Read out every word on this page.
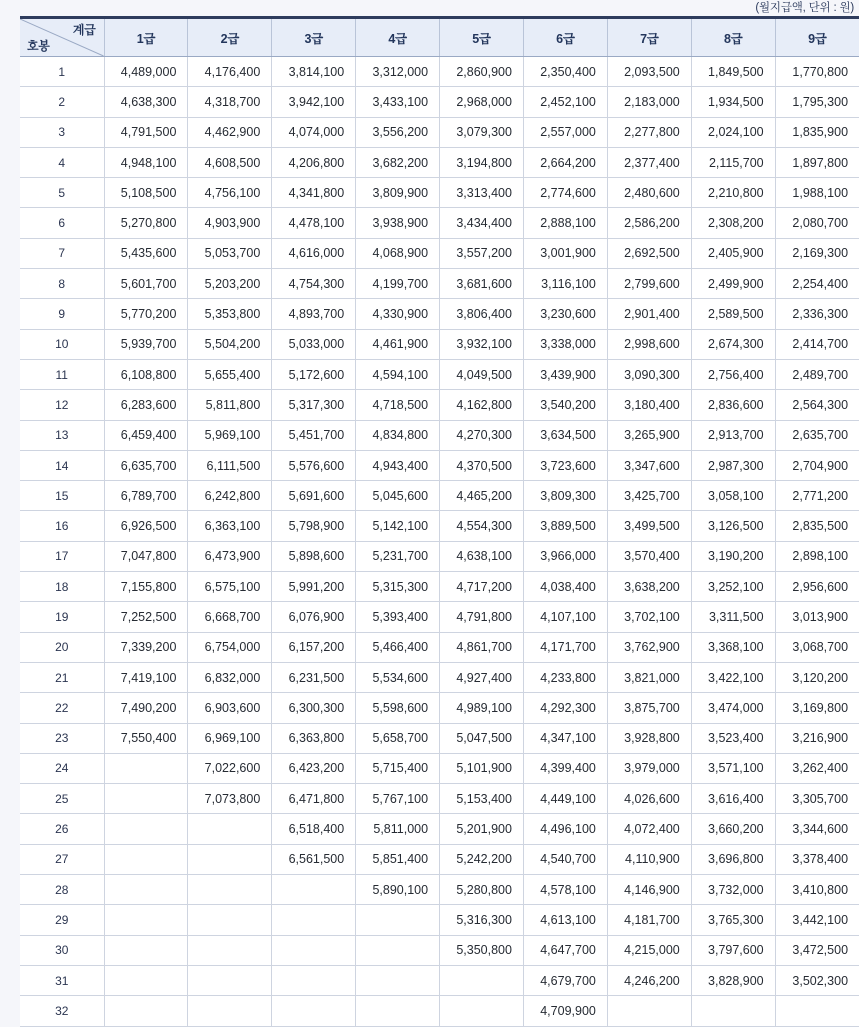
(월지급액, 단위 : 원)
계급
호봉	1급	2급	3급	4급	5급	6급	7급	8급	9급
1	4,489,000	4,176,400	3,814,100	3,312,000	2,860,900	2,350,400	2,093,500	1,849,500	1,770,800
2	4,638,300	4,318,700	3,942,100	3,433,100	2,968,000	2,452,100	2,183,000	1,934,500	1,795,300
3	4,791,500	4,462,900	4,074,000	3,556,200	3,079,300	2,557,000	2,277,800	2,024,100	1,835,900
4	4,948,100	4,608,500	4,206,800	3,682,200	3,194,800	2,664,200	2,377,400	2,115,700	1,897,800
5	5,108,500	4,756,100	4,341,800	3,809,900	3,313,400	2,774,600	2,480,600	2,210,800	1,988,100
6	5,270,800	4,903,900	4,478,100	3,938,900	3,434,400	2,888,100	2,586,200	2,308,200	2,080,700
7	5,435,600	5,053,700	4,616,000	4,068,900	3,557,200	3,001,900	2,692,500	2,405,900	2,169,300
8	5,601,700	5,203,200	4,754,300	4,199,700	3,681,600	3,116,100	2,799,600	2,499,900	2,254,400
9	5,770,200	5,353,800	4,893,700	4,330,900	3,806,400	3,230,600	2,901,400	2,589,500	2,336,300
10	5,939,700	5,504,200	5,033,000	4,461,900	3,932,100	3,338,000	2,998,600	2,674,300	2,414,700
11	6,108,800	5,655,400	5,172,600	4,594,100	4,049,500	3,439,900	3,090,300	2,756,400	2,489,700
12	6,283,600	5,811,800	5,317,300	4,718,500	4,162,800	3,540,200	3,180,400	2,836,600	2,564,300
13	6,459,400	5,969,100	5,451,700	4,834,800	4,270,300	3,634,500	3,265,900	2,913,700	2,635,700
14	6,635,700	6,111,500	5,576,600	4,943,400	4,370,500	3,723,600	3,347,600	2,987,300	2,704,900
15	6,789,700	6,242,800	5,691,600	5,045,600	4,465,200	3,809,300	3,425,700	3,058,100	2,771,200
16	6,926,500	6,363,100	5,798,900	5,142,100	4,554,300	3,889,500	3,499,500	3,126,500	2,835,500
17	7,047,800	6,473,900	5,898,600	5,231,700	4,638,100	3,966,000	3,570,400	3,190,200	2,898,100
18	7,155,800	6,575,100	5,991,200	5,315,300	4,717,200	4,038,400	3,638,200	3,252,100	2,956,600
19	7,252,500	6,668,700	6,076,900	5,393,400	4,791,800	4,107,100	3,702,100	3,311,500	3,013,900
20	7,339,200	6,754,000	6,157,200	5,466,400	4,861,700	4,171,700	3,762,900	3,368,100	3,068,700
21	7,419,100	6,832,000	6,231,500	5,534,600	4,927,400	4,233,800	3,821,000	3,422,100	3,120,200
22	7,490,200	6,903,600	6,300,300	5,598,600	4,989,100	4,292,300	3,875,700	3,474,000	3,169,800
23	7,550,400	6,969,100	6,363,800	5,658,700	5,047,500	4,347,100	3,928,800	3,523,400	3,216,900
24		7,022,600	6,423,200	5,715,400	5,101,900	4,399,400	3,979,000	3,571,100	3,262,400
25		7,073,800	6,471,800	5,767,100	5,153,400	4,449,100	4,026,600	3,616,400	3,305,700
26			6,518,400	5,811,000	5,201,900	4,496,100	4,072,400	3,660,200	3,344,600
27			6,561,500	5,851,400	5,242,200	4,540,700	4,110,900	3,696,800	3,378,400
28				5,890,100	5,280,800	4,578,100	4,146,900	3,732,000	3,410,800
29					5,316,300	4,613,100	4,181,700	3,765,300	3,442,100
30					5,350,800	4,647,700	4,215,000	3,797,600	3,472,500
31						4,679,700	4,246,200	3,828,900	3,502,300
32						4,709,900			
